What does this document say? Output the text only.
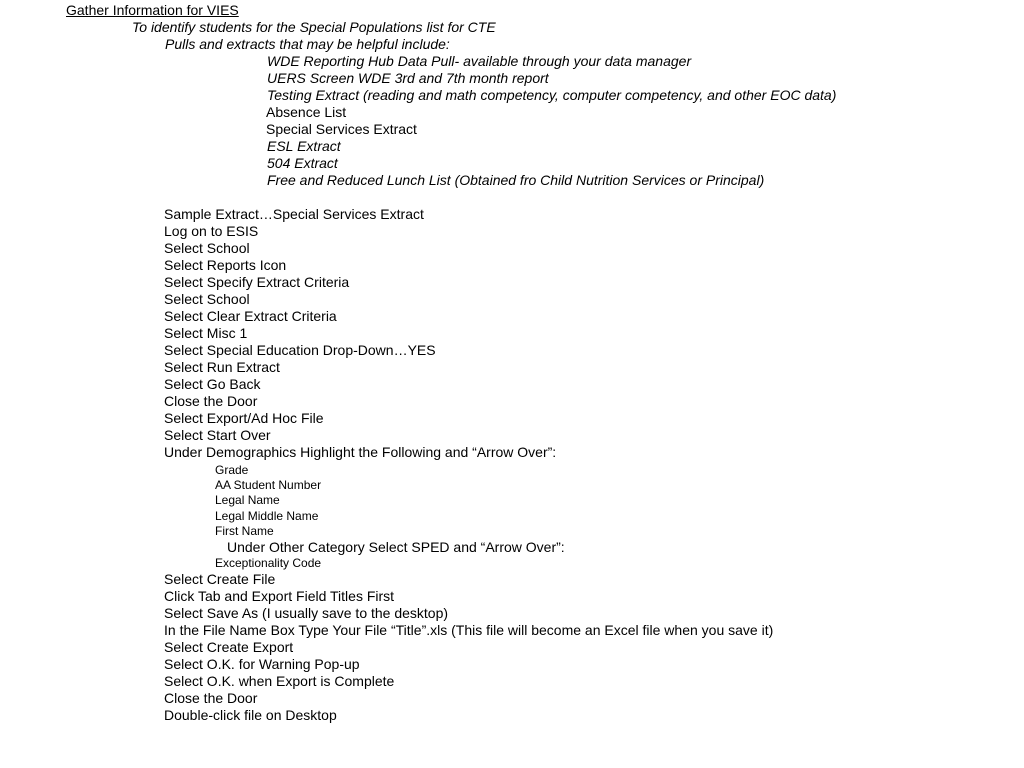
Gather Information for VIES
To identify students for the Special Populations list for CTE
Pulls and extracts that may be helpful include:
WDE Reporting Hub Data Pull- available through your data manager
UERS Screen WDE 3rd and 7th month report
Testing Extract (reading and math competency, computer competency, and other EOC data)
Absence List
Special Services Extract
ESL Extract
504 Extract
Free and Reduced Lunch List (Obtained fro Child Nutrition Services or Principal)
Sample Extract…Special Services Extract
Log on to ESIS
Select School
Select Reports Icon
Select Specify Extract Criteria
Select School
Select Clear Extract Criteria
Select Misc 1
Select Special Education Drop-Down…YES
Select Run Extract
Select Go Back
Close the Door
Select Export/Ad Hoc File
Select Start Over
Under Demographics Highlight the Following and “Arrow Over”:
Grade
AA Student Number
Legal Name
Legal Middle Name
First Name
Under Other Category Select SPED and “Arrow Over”:
Exceptionality Code
Select Create File
Click Tab and Export Field Titles First
Select Save As (I usually save to the desktop)
In the File Name Box Type Your File “Title”.xls (This file will become an Excel file when you save it)
Select Create Export
Select O.K. for Warning Pop-up
Select O.K. when Export is Complete
Close the Door
Double-click file on Desktop
